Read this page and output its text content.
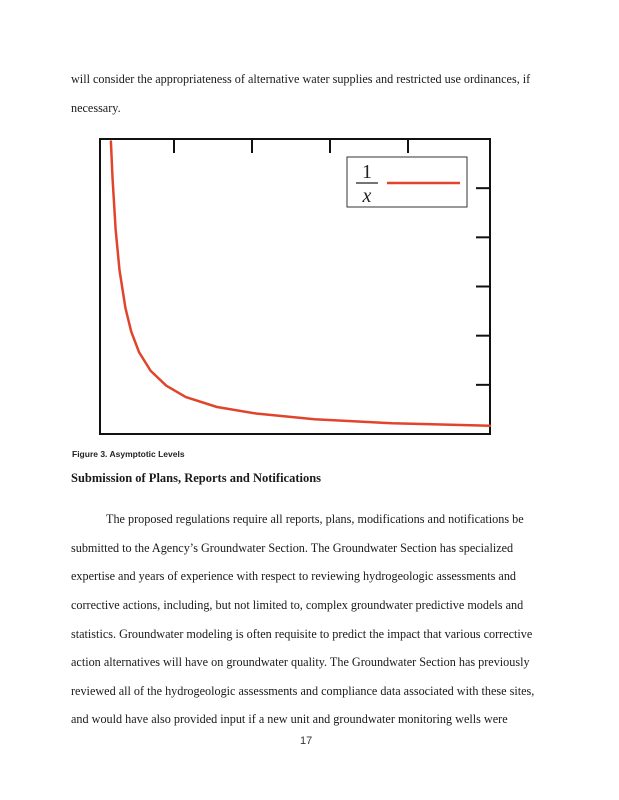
will consider the appropriateness of alternative water supplies and restricted use ordinances, if
necessary.
1
x
Figure 3. Asymptotic Levels
Submission of Plans, Reports and Notifications
The proposed regulations require all reports, plans, modifications and notifications be
submitted to the Agency’s Groundwater Section. The Groundwater Section has specialized
expertise and years of experience with respect to reviewing hydrogeologic assessments and
corrective actions, including, but not limited to, complex groundwater predictive models and
statistics. Groundwater modeling is often requisite to predict the impact that various corrective
action alternatives will have on groundwater quality. The Groundwater Section has previously
reviewed all of the hydrogeologic assessments and compliance data associated with these sites,
and would have also provided input if a new unit and groundwater monitoring wells were
17
